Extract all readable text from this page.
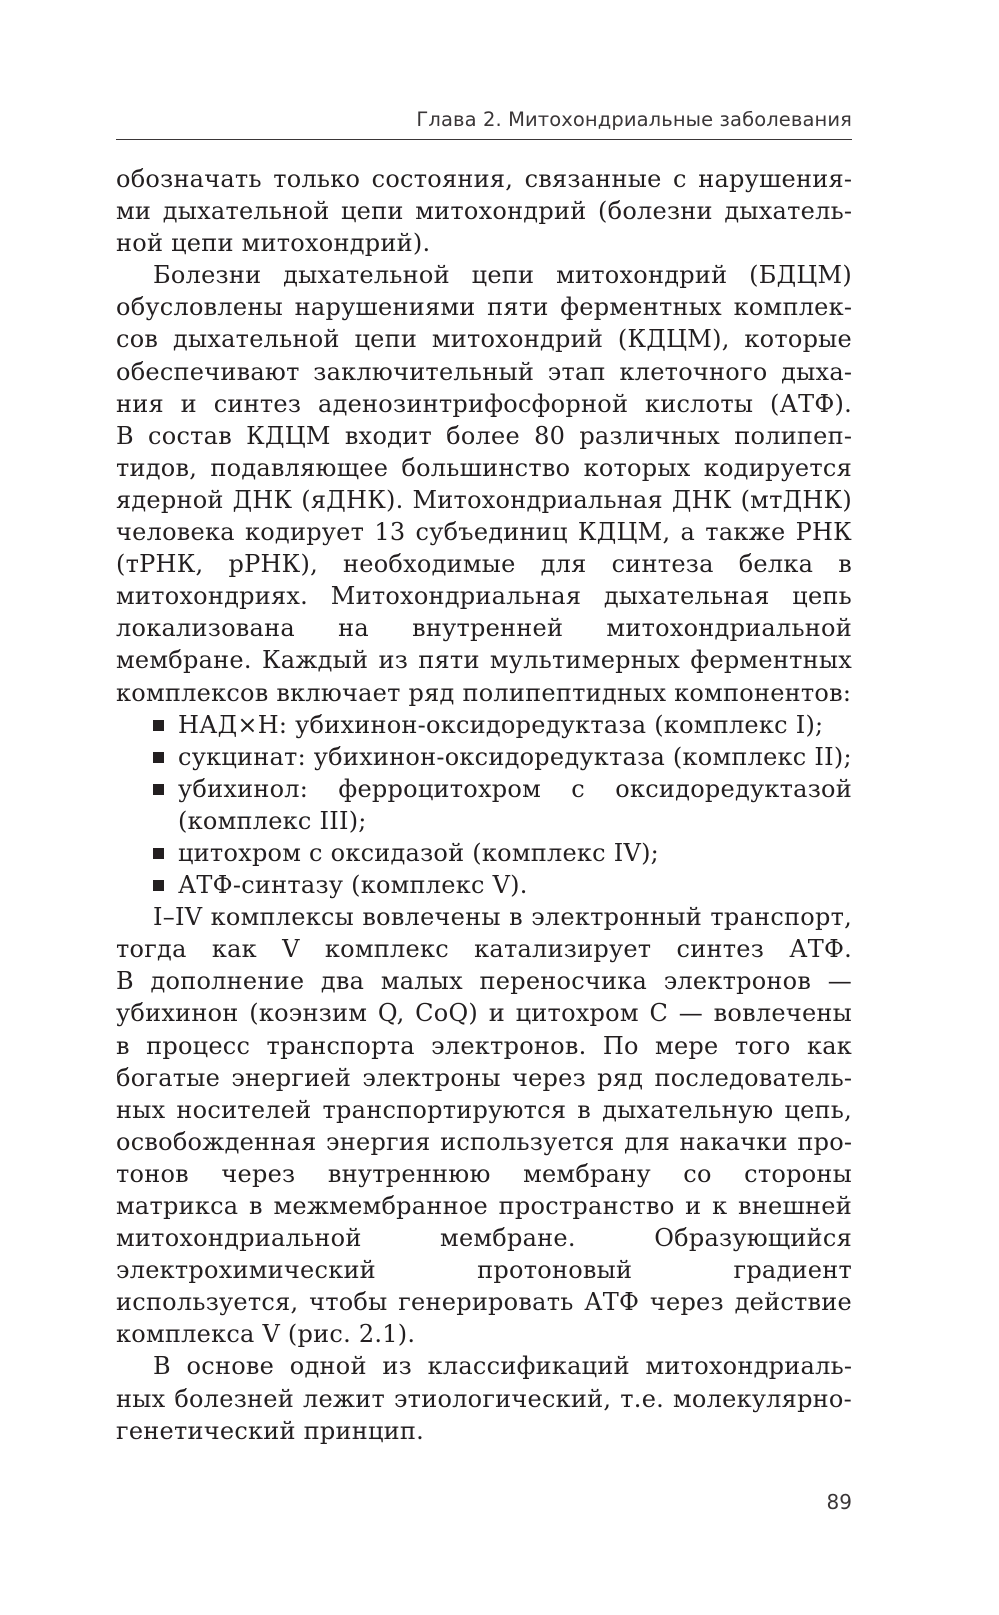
Глава 2. Митохондриальные заболевания

обозначать только состояния, связанные с нарушениями дыхательной цепи митохондрий (болезни дыхательной цепи митохондрий).

Болезни дыхательной цепи митохондрий (БДЦМ) обусловлены нарушениями пяти ферментных комплексов дыхательной цепи митохондрий (КДЦМ), которые обеспечивают заключительный этап клеточного дыхания и синтез аденозинтрифосфорной кислоты (АТФ). В состав КДЦМ входит более 80 различных полипептидов, подавляющее большинство которых кодируется ядерной ДНК (яДНК). Митохондриальная ДНК (мтДНК) человека кодирует 13 субъединиц КДЦМ, а также РНК (тРНК, рРНК), необходимые для синтеза белка в митохондриях. Митохондриальная дыхательная цепь локализована на внутренней митохондриальной мембране. Каждый из пяти мультимерных ферментных комплексов включает ряд полипептидных компонентов:

НАД×Н: убихинон-оксидоредуктаза (комплекс I);
сукцинат: убихинон-оксидоредуктаза (комплекс II);
убихинол: ферроцитохром с оксидоредуктазой (комплекс III);
цитохром с оксидазой (комплекс IV);
АТФ-синтазу (комплекс V).

I–IV комплексы вовлечены в электронный транспорт, тогда как V комплекс катализирует синтез АТФ. В дополнение два малых переносчика электронов — убихинон (коэнзим Q, CoQ) и цитохром С — вовлечены в процесс транспорта электронов. По мере того как богатые энергией электроны через ряд последовательных носителей транспортируются в дыхательную цепь, освобожденная энергия используется для накачки протонов через внутреннюю мембрану со стороны матрикса в межмембранное пространство и к внешней митохондриальной мембране. Образующийся электрохимический протоновый градиент используется, чтобы генерировать АТФ через действие комплекса V (рис. 2.1).

В основе одной из классификаций митохондриальных болезней лежит этиологический, т.е. молекулярно-генетический принцип.

89
